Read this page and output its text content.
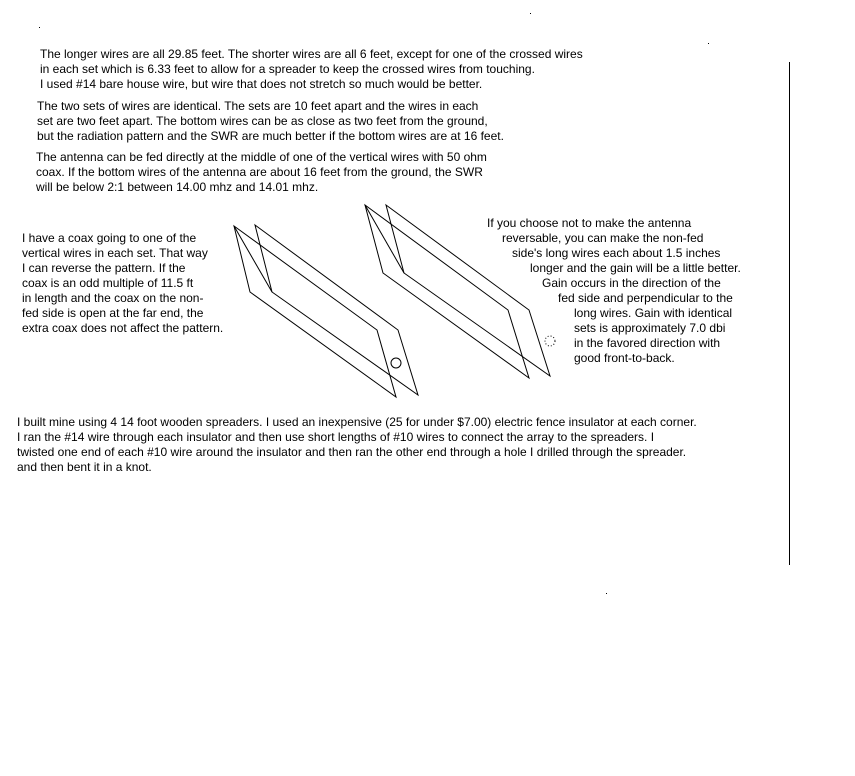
The longer wires are all 29.85 feet. The shorter wires are all 6 feet, except for one of the crossed wires
in each set which is 6.33 feet to allow for a spreader to keep the crossed wires from touching.
I used #14 bare house wire, but wire that does not stretch so much would be better.
The two sets of wires are identical. The sets are 10 feet apart and the wires in each
set are two feet apart. The bottom wires can be as close as two feet from the ground,
but the radiation pattern and the SWR are much better if the bottom wires are at 16 feet.
The antenna can be fed directly at the middle of one of the vertical wires with 50 ohm
coax. If the bottom wires of the antenna are about 16 feet from the ground, the SWR
will be below 2:1 between 14.00 mhz and 14.01 mhz.
I have a coax going to one of the
vertical wires in each set. That way
I can reverse the pattern. If the
coax is an odd multiple of 11.5 ft
in length and the coax on the non-
fed side is open at the far end, the
extra coax does not affect the pattern.
If you choose not to make the antenna
reversable, you can make the non-fed
side's long wires each about 1.5 inches
longer and the gain will be a little better.
Gain occurs in the direction of the
fed side and perpendicular to the
long wires. Gain with identical
sets is approximately 7.0 dbi
in the favored direction with
good front-to-back.
I built mine using 4 14 foot wooden spreaders. I used an inexpensive (25 for under $7.00) electric fence insulator at each corner.
I ran the #14 wire through each insulator and then use short lengths of #10 wires to connect the array to the spreaders. I
twisted one end of each #10 wire around the insulator and then ran the other end through a hole I drilled through the spreader.
and then bent it in a knot.
